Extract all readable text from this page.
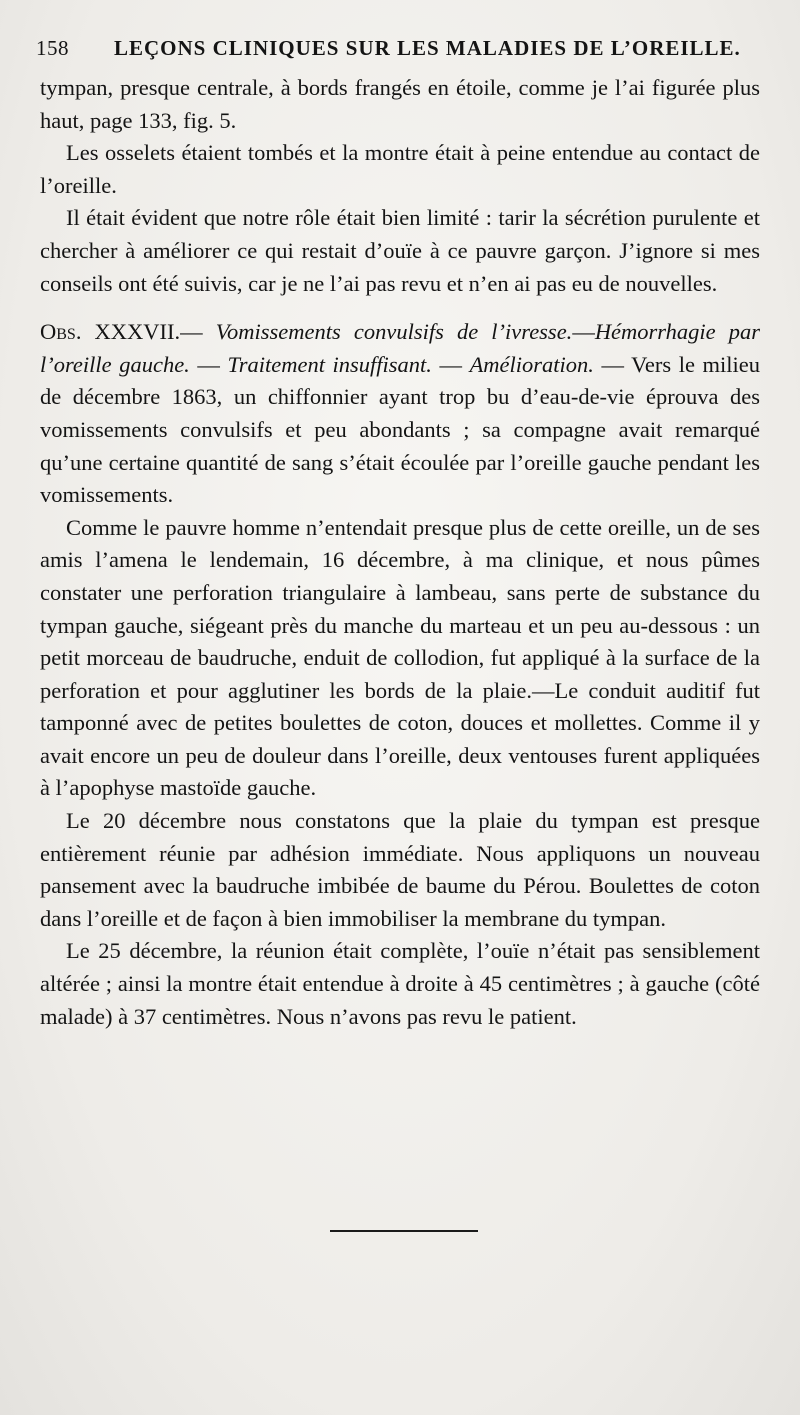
158 LEÇONS CLINIQUES SUR LES MALADIES DE L’OREILLE.

tympan, presque centrale, à bords frangés en étoile, comme je l’ai figurée plus haut, page 133, fig. 5.

Les osselets étaient tombés et la montre était à peine entendue au contact de l’oreille.

Il était évident que notre rôle était bien limité : tarir la sécrétion purulente et chercher à améliorer ce qui restait d’ouïe à ce pauvre garçon. J’ignore si mes conseils ont été suivis, car je ne l’ai pas revu et n’en ai pas eu de nouvelles.

Obs. XXXVII.— Vomissements convulsifs de l’ivresse.—Hémorrhagie par l’oreille gauche. — Traitement insuffisant. — Amélioration. — Vers le milieu de décembre 1863, un chiffonnier ayant trop bu d’eau-de-vie éprouva des vomissements convulsifs et peu abondants ; sa compagne avait remarqué qu’une certaine quantité de sang s’était écoulée par l’oreille gauche pendant les vomissements.

Comme le pauvre homme n’entendait presque plus de cette oreille, un de ses amis l’amena le lendemain, 16 décembre, à ma clinique, et nous pûmes constater une perforation triangulaire à lambeau, sans perte de substance du tympan gauche, siégeant près du manche du marteau et un peu au-dessous : un petit morceau de baudruche, enduit de collodion, fut appliqué à la surface de la perforation et pour agglutiner les bords de la plaie.—Le conduit auditif fut tamponné avec de petites boulettes de coton, douces et mollettes. Comme il y avait encore un peu de douleur dans l’oreille, deux ventouses furent appliquées à l’apophyse mastoïde gauche.

Le 20 décembre nous constatons que la plaie du tympan est presque entièrement réunie par adhésion immédiate. Nous appliquons un nouveau pansement avec la baudruche imbibée de baume du Pérou. Boulettes de coton dans l’oreille et de façon à bien immobiliser la membrane du tympan.

Le 25 décembre, la réunion était complète, l’ouïe n’était pas sensiblement altérée ; ainsi la montre était entendue à droite à 45 centimètres ; à gauche (côté malade) à 37 centimètres. Nous n’avons pas revu le patient.
